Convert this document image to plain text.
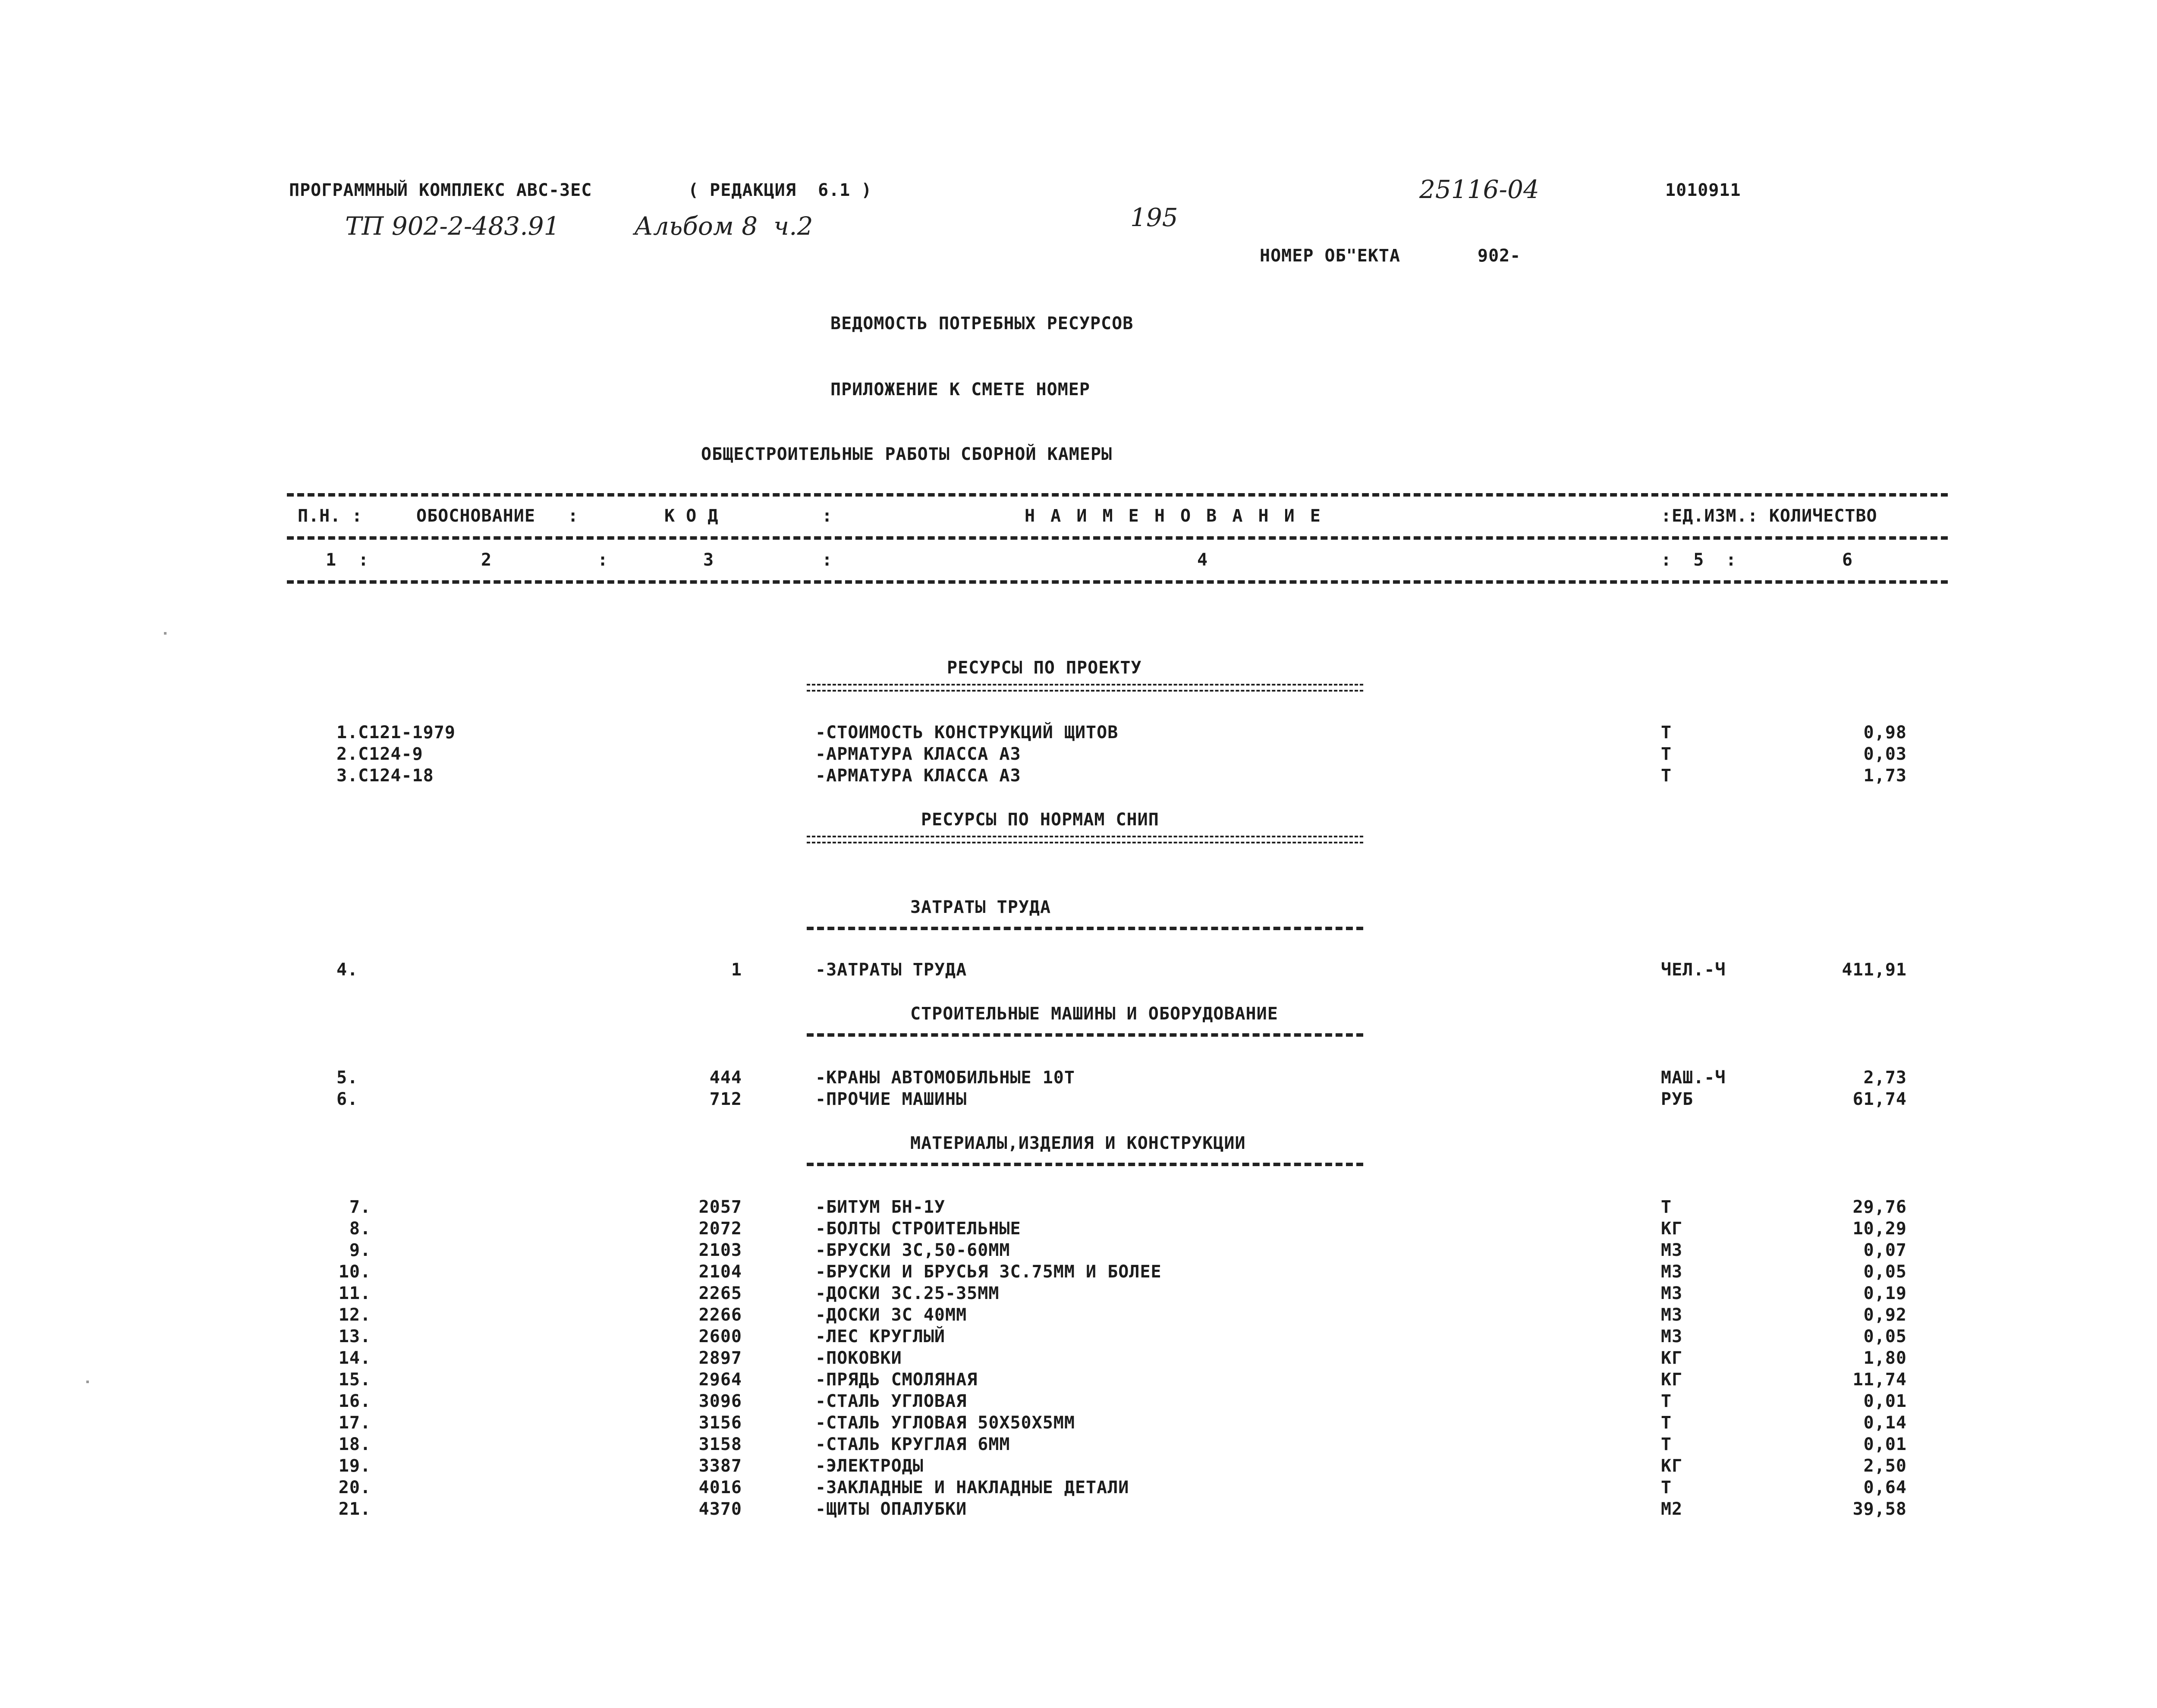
ПРОГРАММНЫЙ КОМПЛЕКС АВС-3ЕС	( РЕДАКЦИЯ  6.1 )	25116-04	1010911
ТП 902-2-483.91	Альбом 8  ч.2	195
НОМЕР ОБ"ЕКТА	902-
ВЕДОМОСТЬ ПОТРЕБНЫХ РЕСУРСОВ
ПРИЛОЖЕНИЕ К СМЕТЕ НОМЕР
ОБЩЕСТРОИТЕЛЬНЫЕ РАБОТЫ СБОРНОЙ КАМЕРЫ
П.Н. :	ОБОСНОВАНИЕ   :	К О Д	:	Н А И М Е Н О В А Н И Е	:ЕД.ИЗМ.: КОЛИЧЕСТВО
1  :	2	:	3	:	4	:  5  :	6
РЕСУРСЫ ПО ПРОЕКТУ
1.С121-1979	-СТОИМОСТЬ КОНСТРУКЦИЙ ЩИТОВ	Т	0,98
2.С124-9	-АРМАТУРА КЛАССА А3	Т	0,03
3.С124-18	-АРМАТУРА КЛАССА А3	Т	1,73
РЕСУРСЫ ПО НОРМАМ СНИП
ЗАТРАТЫ ТРУДА
4.	1	-ЗАТРАТЫ ТРУДА	ЧЕЛ.-Ч	411,91
СТРОИТЕЛЬНЫЕ МАШИНЫ И ОБОРУДОВАНИЕ
5.	444	-КРАНЫ АВТОМОБИЛЬНЫЕ 10Т	МАШ.-Ч	2,73
6.	712	-ПРОЧИЕ МАШИНЫ	РУБ	61,74
МАТЕРИАЛЫ,ИЗДЕЛИЯ И КОНСТРУКЦИИ
7.	2057	-БИТУМ БН-1У	Т	29,76
8.	2072	-БОЛТЫ СТРОИТЕЛЬНЫЕ	КГ	10,29
9.	2103	-БРУСКИ 3С,50-60ММ	М3	0,07
10.	2104	-БРУСКИ И БРУСЬЯ 3С.75ММ И БОЛЕЕ	М3	0,05
11.	2265	-ДОСКИ 3С.25-35ММ	М3	0,19
12.	2266	-ДОСКИ 3С 40ММ	М3	0,92
13.	2600	-ЛЕС КРУГЛЫЙ	М3	0,05
14.	2897	-ПОКОВКИ	КГ	1,80
15.	2964	-ПРЯДЬ СМОЛЯНАЯ	КГ	11,74
16.	3096	-СТАЛЬ УГЛОВАЯ	Т	0,01
17.	3156	-СТАЛЬ УГЛОВАЯ 50Х50Х5ММ	Т	0,14
18.	3158	-СТАЛЬ КРУГЛАЯ 6ММ	Т	0,01
19.	3387	-ЭЛЕКТРОДЫ	КГ	2,50
20.	4016	-ЗАКЛАДНЫЕ И НАКЛАДНЫЕ ДЕТАЛИ	Т	0,64
21.	4370	-ЩИТЫ ОПАЛУБКИ	М2	39,58
